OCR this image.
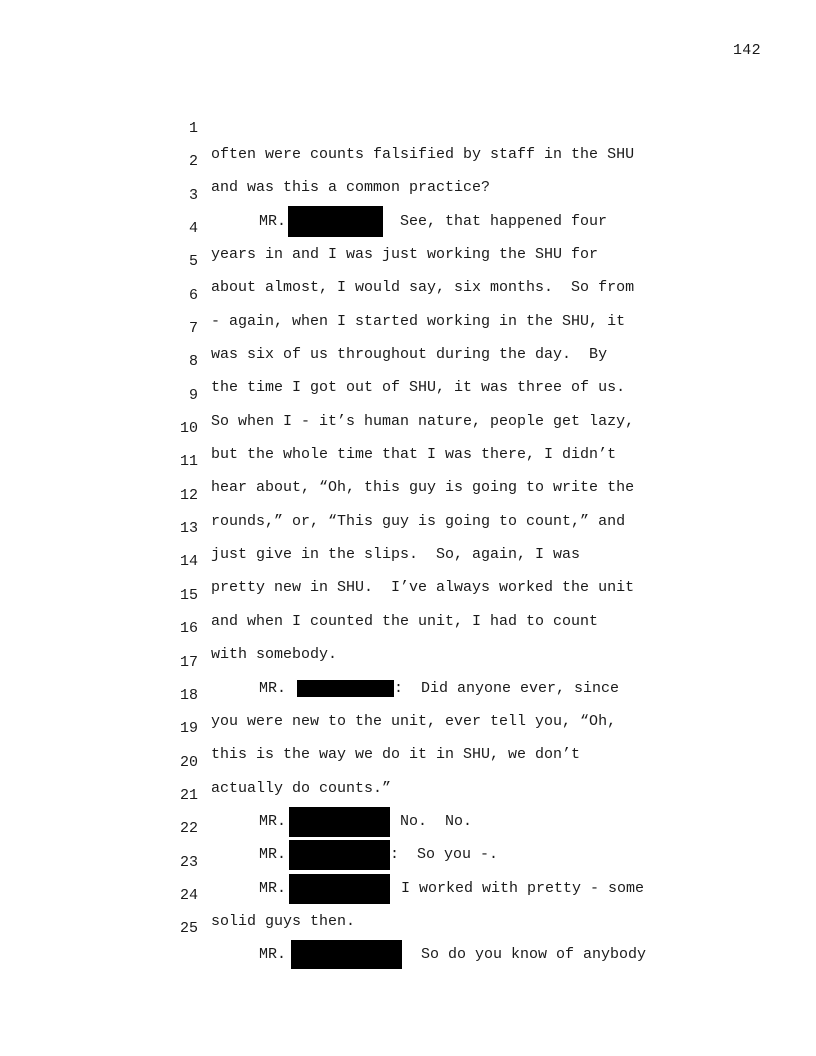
142

1

often were counts falsified by staff in the SHU

2

and was this a common practice?

3

MR.	See, that happened four

4

years in and I was just working the SHU for

5

about almost, I would say, six months.  So from

6

- again, when I started working in the SHU, it

7

was six of us throughout during the day.  By

8

the time I got out of SHU, it was three of us.

9

So when I - it’s human nature, people get lazy,

10

but the whole time that I was there, I didn’t

11

hear about, “Oh, this guy is going to write the

12

rounds,” or, “This guy is going to count,” and

13

just give in the slips.  So, again, I was

14

pretty new in SHU.  I’ve always worked the unit

15

and when I counted the unit, I had to count

16

with somebody.

17

MR.	:  Did anyone ever, since

18

you were new to the unit, ever tell you, “Oh,

19

this is the way we do it in SHU, we don’t

20

actually do counts.”

21

MR.	No.  No.

22

MR.	:  So you -.

23

MR.	I worked with pretty - some

24

solid guys then.

25

MR.	So do you know of anybody
